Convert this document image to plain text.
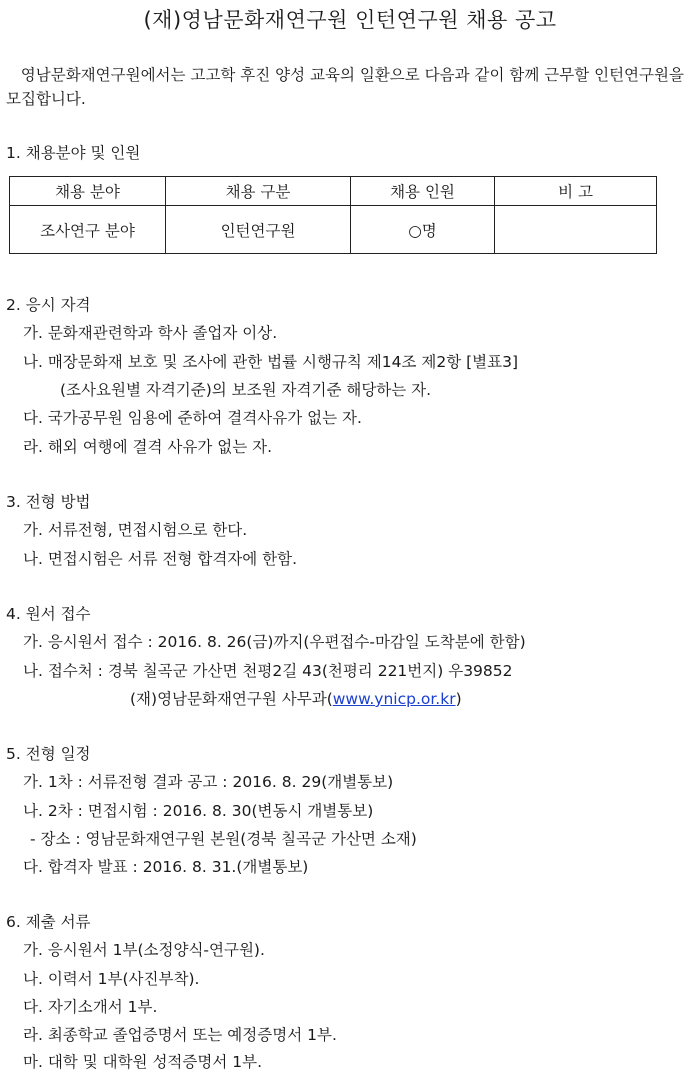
(재)영남문화재연구원 인턴연구원 채용 공고

영남문화재연구원에서는 고고학 후진 양성 교육의 일환으로 다음과 같이 함께 근무할 인턴연구원을 모집합니다.

1. 채용분야 및 인원

채용 분야	채용 구분	채용 인원	비 고
조사연구 분야	인턴연구원	○명	

2. 응시 자격

가. 문화재관련학과 학사 졸업자 이상.

나. 매장문화재 보호 및 조사에 관한 법률 시행규칙 제14조 제2항 [별표3]

(조사요원별 자격기준)의 보조원 자격기준 해당하는 자.

다. 국가공무원 임용에 준하여 결격사유가 없는 자.

라. 해외 여행에 결격 사유가 없는 자.

3. 전형 방법

가. 서류전형, 면접시험으로 한다.

나. 면접시험은 서류 전형 합격자에 한함.

4. 원서 접수

가. 응시원서 접수 : 2016. 8. 26(금)까지(우편접수-마감일 도착분에 한함)

나. 접수처 : 경북 칠곡군 가산면 천평2길 43(천평리 221번지) 우39852

(재)영남문화재연구원 사무과(www.ynicp.or.kr)

5. 전형 일정

가. 1차 : 서류전형 결과 공고 : 2016. 8. 29(개별통보)

나. 2차 : 면접시험 : 2016. 8. 30(변동시 개별통보)

- 장소 : 영남문화재연구원 본원(경북 칠곡군 가산면 소재)

다. 합격자 발표 : 2016. 8. 31.(개별통보)

6. 제출 서류

가. 응시원서 1부(소정양식-연구원).

나. 이력서 1부(사진부착).

다. 자기소개서 1부.

라. 최종학교 졸업증명서 또는 예정증명서 1부.

마. 대학 및 대학원 성적증명서 1부.
